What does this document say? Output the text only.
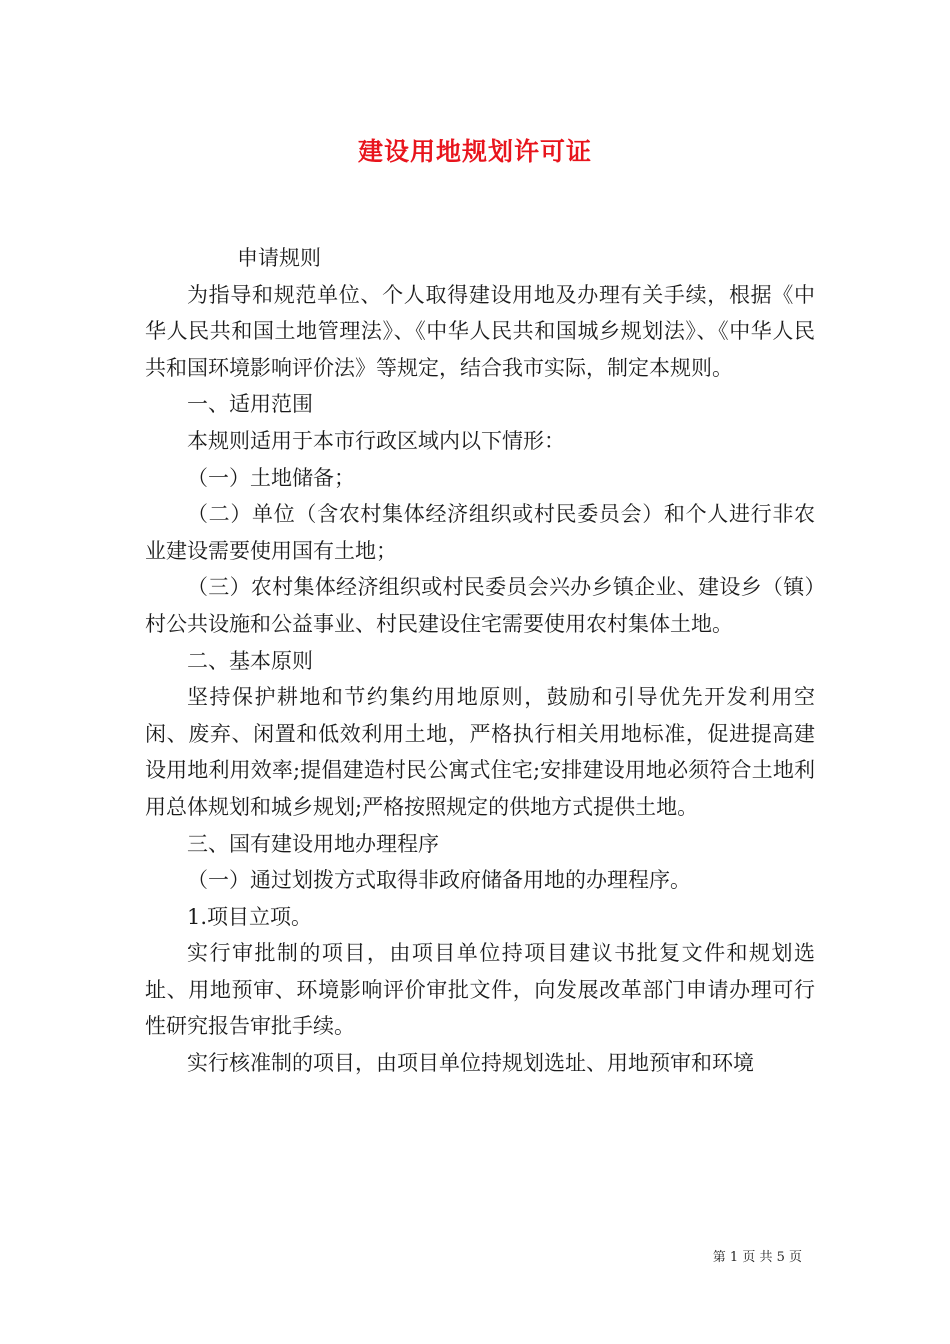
建设用地规划许可证

申请规则

为指导和规范单位、个人取得建设用地及办理有关手续，根据《中华人民共和国土地管理法》、《中华人民共和国城乡规划法》、《中华人民共和国环境影响评价法》等规定，结合我市实际，制定本规则。

一、适用范围

本规则适用于本市行政区域内以下情形：

（一）土地储备；

（二）单位（含农村集体经济组织或村民委员会）和个人进行非农业建设需要使用国有土地；

（三）农村集体经济组织或村民委员会兴办乡镇企业、建设乡（镇）村公共设施和公益事业、村民建设住宅需要使用农村集体土地。

二、基本原则

坚持保护耕地和节约集约用地原则，鼓励和引导优先开发利用空闲、废弃、闲置和低效利用土地，严格执行相关用地标准，促进提高建设用地利用效率;提倡建造村民公寓式住宅;安排建设用地必须符合土地利用总体规划和城乡规划;严格按照规定的供地方式提供土地。

三、国有建设用地办理程序

（一）通过划拨方式取得非政府储备用地的办理程序。

1.项目立项。

实行审批制的项目，由项目单位持项目建议书批复文件和规划选址、用地预审、环境影响评价审批文件，向发展改革部门申请办理可行性研究报告审批手续。

实行核准制的项目，由项目单位持规划选址、用地预审和环境

第 1 页 共 5 页
